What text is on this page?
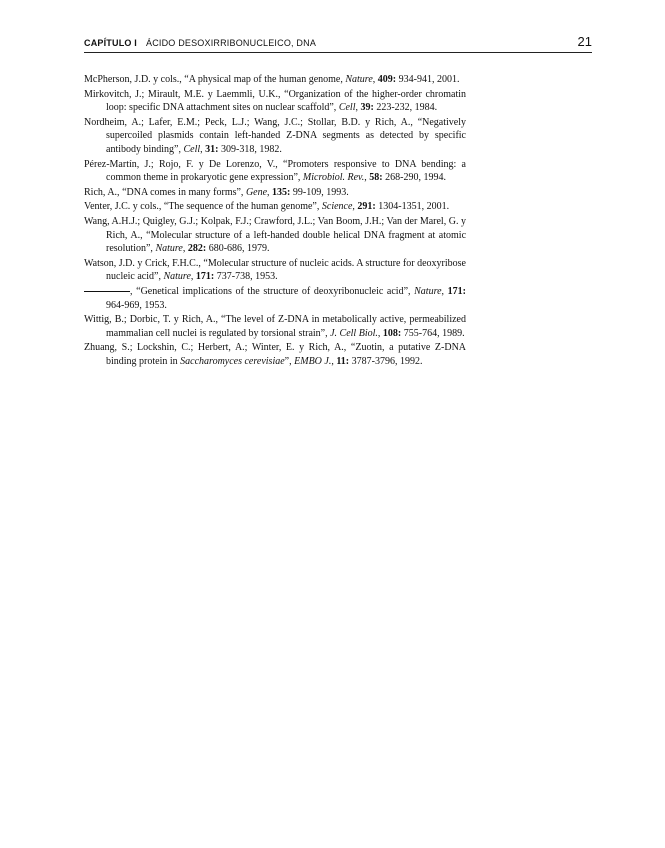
CAPÍTULO I ÁCIDO DESOXIRRIBONUCLEICO, DNA	21

McPherson, J.D. y cols., “A physical map of the human genome, Nature, 409: 934-941, 2001.

Mirkovitch, J.; Mirault, M.E. y Laemmli, U.K., “Organization of the higher-order chromatin loop: specific DNA attachment sites on nuclear scaffold”, Cell, 39: 223-232, 1984.

Nordheim, A.; Lafer, E.M.; Peck, L.J.; Wang, J.C.; Stollar, B.D. y Rich, A., “Negatively supercoiled plasmids contain left-handed Z-DNA segments as detected by specific antibody binding”, Cell, 31: 309-318, 1982.

Pérez-Martín, J.; Rojo, F. y De Lorenzo, V., “Promoters responsive to DNA bending: a common theme in prokaryotic gene expression”, Microbiol. Rev., 58: 268-290, 1994.

Rich, A., “DNA comes in many forms”, Gene, 135: 99-109, 1993.

Venter, J.C. y cols., “The sequence of the human genome”, Science, 291: 1304-1351, 2001.

Wang, A.H.J.; Quigley, G.J.; Kolpak, F.J.; Crawford, J.L.; Van Boom, J.H.; Van der Marel, G. y Rich, A., “Molecular structure of a left-handed double helical DNA fragment at atomic resolution”, Nature, 282: 680-686, 1979.

Watson, J.D. y Crick, F.H.C., “Molecular structure of nucleic acids. A structure for deoxyribose nucleic acid”, Nature, 171: 737-738, 1953.

, “Genetical implications of the structure of deoxyribonucleic acid”, Nature, 171: 964-969, 1953.

Wittig, B.; Dorbic, T. y Rich, A., “The level of Z-DNA in metabolically active, permeabilized mammalian cell nuclei is regulated by torsional strain”, J. Cell Biol., 108: 755-764, 1989.

Zhuang, S.; Lockshin, C.; Herbert, A.; Winter, E. y Rich, A., “Zuotin, a putative Z-DNA binding protein in Saccharomyces cerevisiae”, EMBO J., 11: 3787-3796, 1992.
